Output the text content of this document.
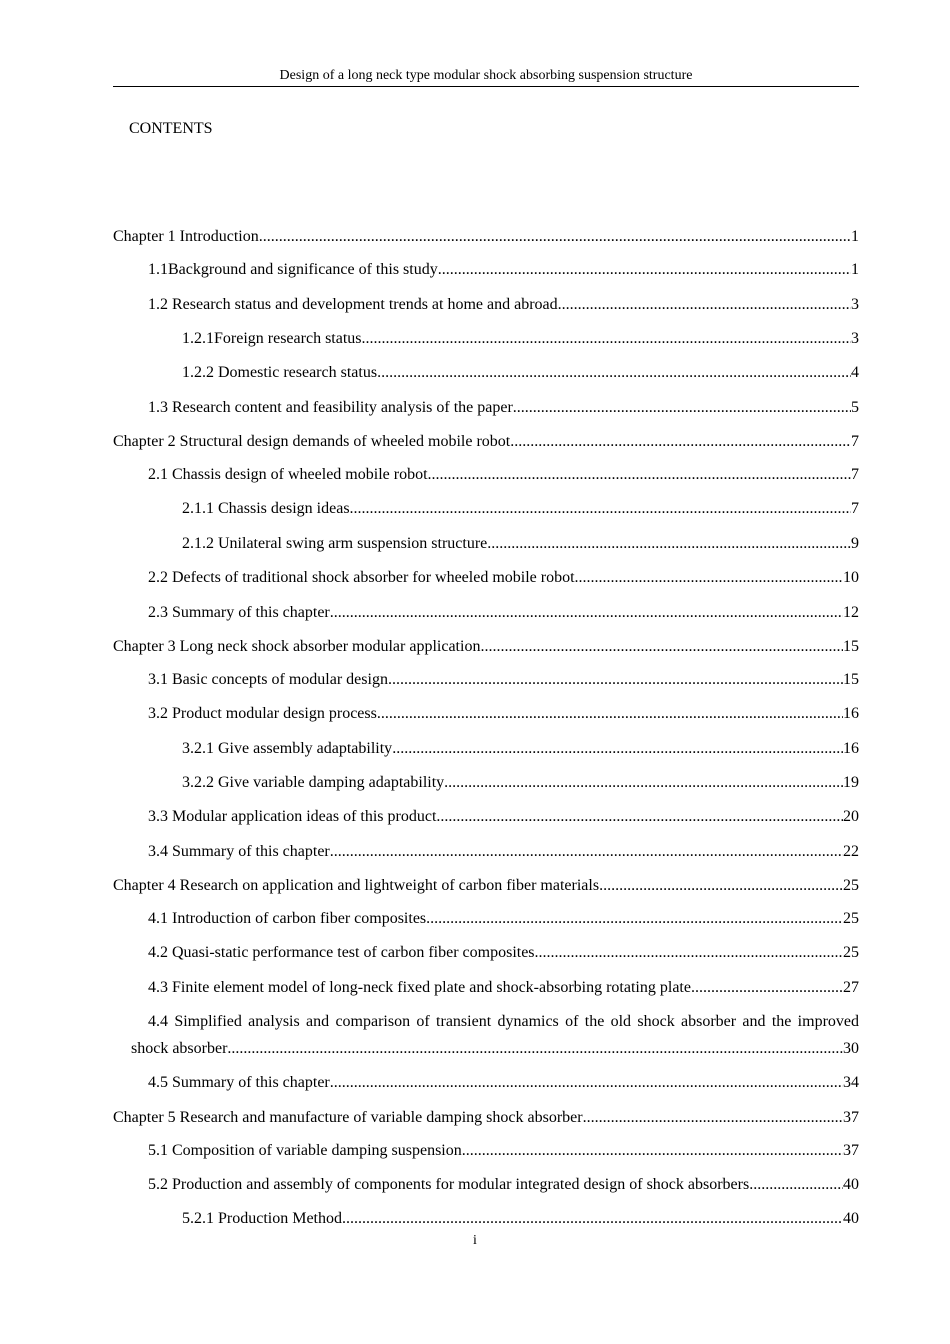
Design of a long neck type modular shock absorbing suspension structure
CONTENTS
Chapter 1 Introduction .....	1
1.1Background and significance of this study .....	1
1.2 Research status and development trends at home and abroad .....	3
1.2.1Foreign research status .....	3
1.2.2 Domestic research status .....	4
1.3 Research content and feasibility analysis of the paper .....	5
Chapter 2 Structural design demands of wheeled mobile robot .....	7
2.1 Chassis design of wheeled mobile robot .....	7
2.1.1 Chassis design ideas .....	7
2.1.2 Unilateral swing arm suspension structure .....	9
2.2 Defects of traditional shock absorber for wheeled mobile robot .....	10
2.3 Summary of this chapter .....	12
Chapter 3 Long neck shock absorber modular application .....	15
3.1 Basic concepts of modular design .....	15
3.2 Product modular design process .....	16
3.2.1 Give assembly adaptability .....	16
3.2.2 Give variable damping adaptability .....	19
3.3 Modular application ideas of this product .....	20
3.4 Summary of this chapter .....	22
Chapter 4 Research on application and lightweight of carbon fiber materials .....	25
4.1 Introduction of carbon fiber composites .....	25
4.2 Quasi-static performance test of carbon fiber composites .....	25
4.3 Finite element model of long-neck fixed plate and shock-absorbing rotating plate .....	27
4.4 Simplified analysis and comparison of transient dynamics of the old shock absorber and the improved
shock absorber .....	30
4.5 Summary of this chapter .....	34
Chapter 5 Research and manufacture of variable damping shock absorber .....	37
5.1 Composition of variable damping suspension .....	37
5.2 Production and assembly of components for modular integrated design of shock absorbers .....	40
5.2.1 Production Method .....	40
i
